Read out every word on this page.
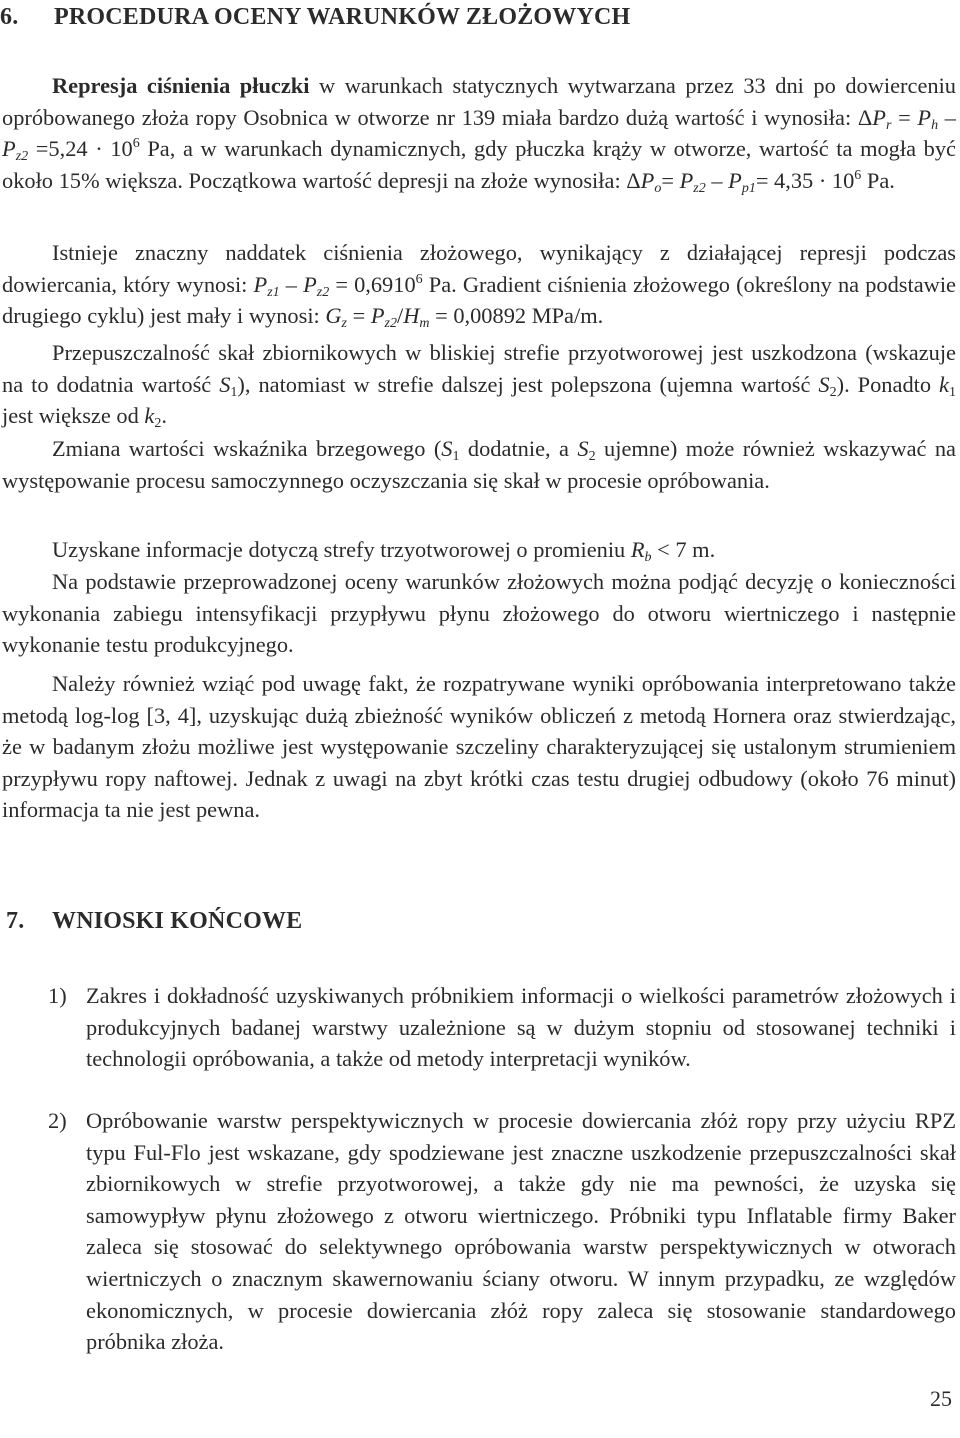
6. PROCEDURA OCENY WARUNKÓW ZŁOŻOWYCH

Represja ciśnienia płuczki w warunkach statycznych wytwarzana przez 33 dni po dowierceniu opróbowanego złoża ropy Osobnica w otworze nr 139 miała bardzo dużą wartość i wynosiła: $\Delta P_r = P_h - P_{z2} =5,24 \cdot 10^6$ Pa, a w warunkach dynamicznych, gdy płuczka krąży w otworze, wartość ta mogła być około 15% większa. Początkowa wartość depresji na złoże wynosiła: $\Delta P_o= P_{z2} - P_{p1}= 4,35 \cdot 10^6$ Pa.

Istnieje znaczny naddatek ciśnienia złożowego, wynikający z działającej represji podczas dowiercania, który wynosi: $P_{z1} - P_{z2} = 0,6910^6$ Pa. Gradient ciśnienia złożowego (określony na podstawie drugiego cyklu) jest mały i wynosi: $G_z = P_{z2}/H_m = 0,00892$ MPa/m.

Przepuszczalność skał zbiornikowych w bliskiej strefie przyotworowej jest uszkodzona (wskazuje na to dodatnia wartość $S_1$), natomiast w strefie dalszej jest polepszona (ujemna wartość $S_2$). Ponadto $k_1$ jest większe od $k_2$.

Zmiana wartości wskaźnika brzegowego ($S_1$ dodatnie, a $S_2$ ujemne) może również wskazywać na występowanie procesu samoczynnego oczyszczania się skał w procesie opróbowania.

Uzyskane informacje dotyczą strefy trzyotworowej o promieniu $R_b < 7$ m.

Na podstawie przeprowadzonej oceny warunków złożowych można podjąć decyzję o konieczności wykonania zabiegu intensyfikacji przypływu płynu złożowego do otworu wiertniczego i następnie wykonanie testu produkcyjnego.

Należy również wziąć pod uwagę fakt, że rozpatrywane wyniki opróbowania interpretowano także metodą log-log [3, 4], uzyskując dużą zbieżność wyników obliczeń z metodą Hornera oraz stwierdzając, że w badanym złożu możliwe jest występowanie szczeliny charakteryzującej się ustalonym strumieniem przypływu ropy naftowej. Jednak z uwagi na zbyt krótki czas testu drugiej odbudowy (około 76 minut) informacja ta nie jest pewna.

7. WNIOSKI KOŃCOWE
1) Zakres i dokładność uzyskiwanych próbnikiem informacji o wielkości parametrów złożowych i produkcyjnych badanej warstwy uzależnione są w dużym stopniu od stosowanej techniki i technologii opróbowania, a także od metody interpretacji wyników.
2) Opróbowanie warstw perspektywicznych w procesie dowiercania złóż ropy przy użyciu RPZ typu Ful-Flo jest wskazane, gdy spodziewane jest znaczne uszkodzenie przepuszczalności skał zbiornikowych w strefie przyotworowej, a także gdy nie ma pewności, że uzyska się samowypływ płynu złożowego z otworu wiertniczego. Próbniki typu Inflatable firmy Baker zaleca się stosować do selektywnego opróbowania warstw perspektywicznych w otworach wiertniczych o znacznym skawernowaniu ściany otworu. W innym przypadku, ze względów ekonomicznych, w procesie dowiercania złóż ropy zaleca się stosowanie standardowego próbnika złoża.
25
